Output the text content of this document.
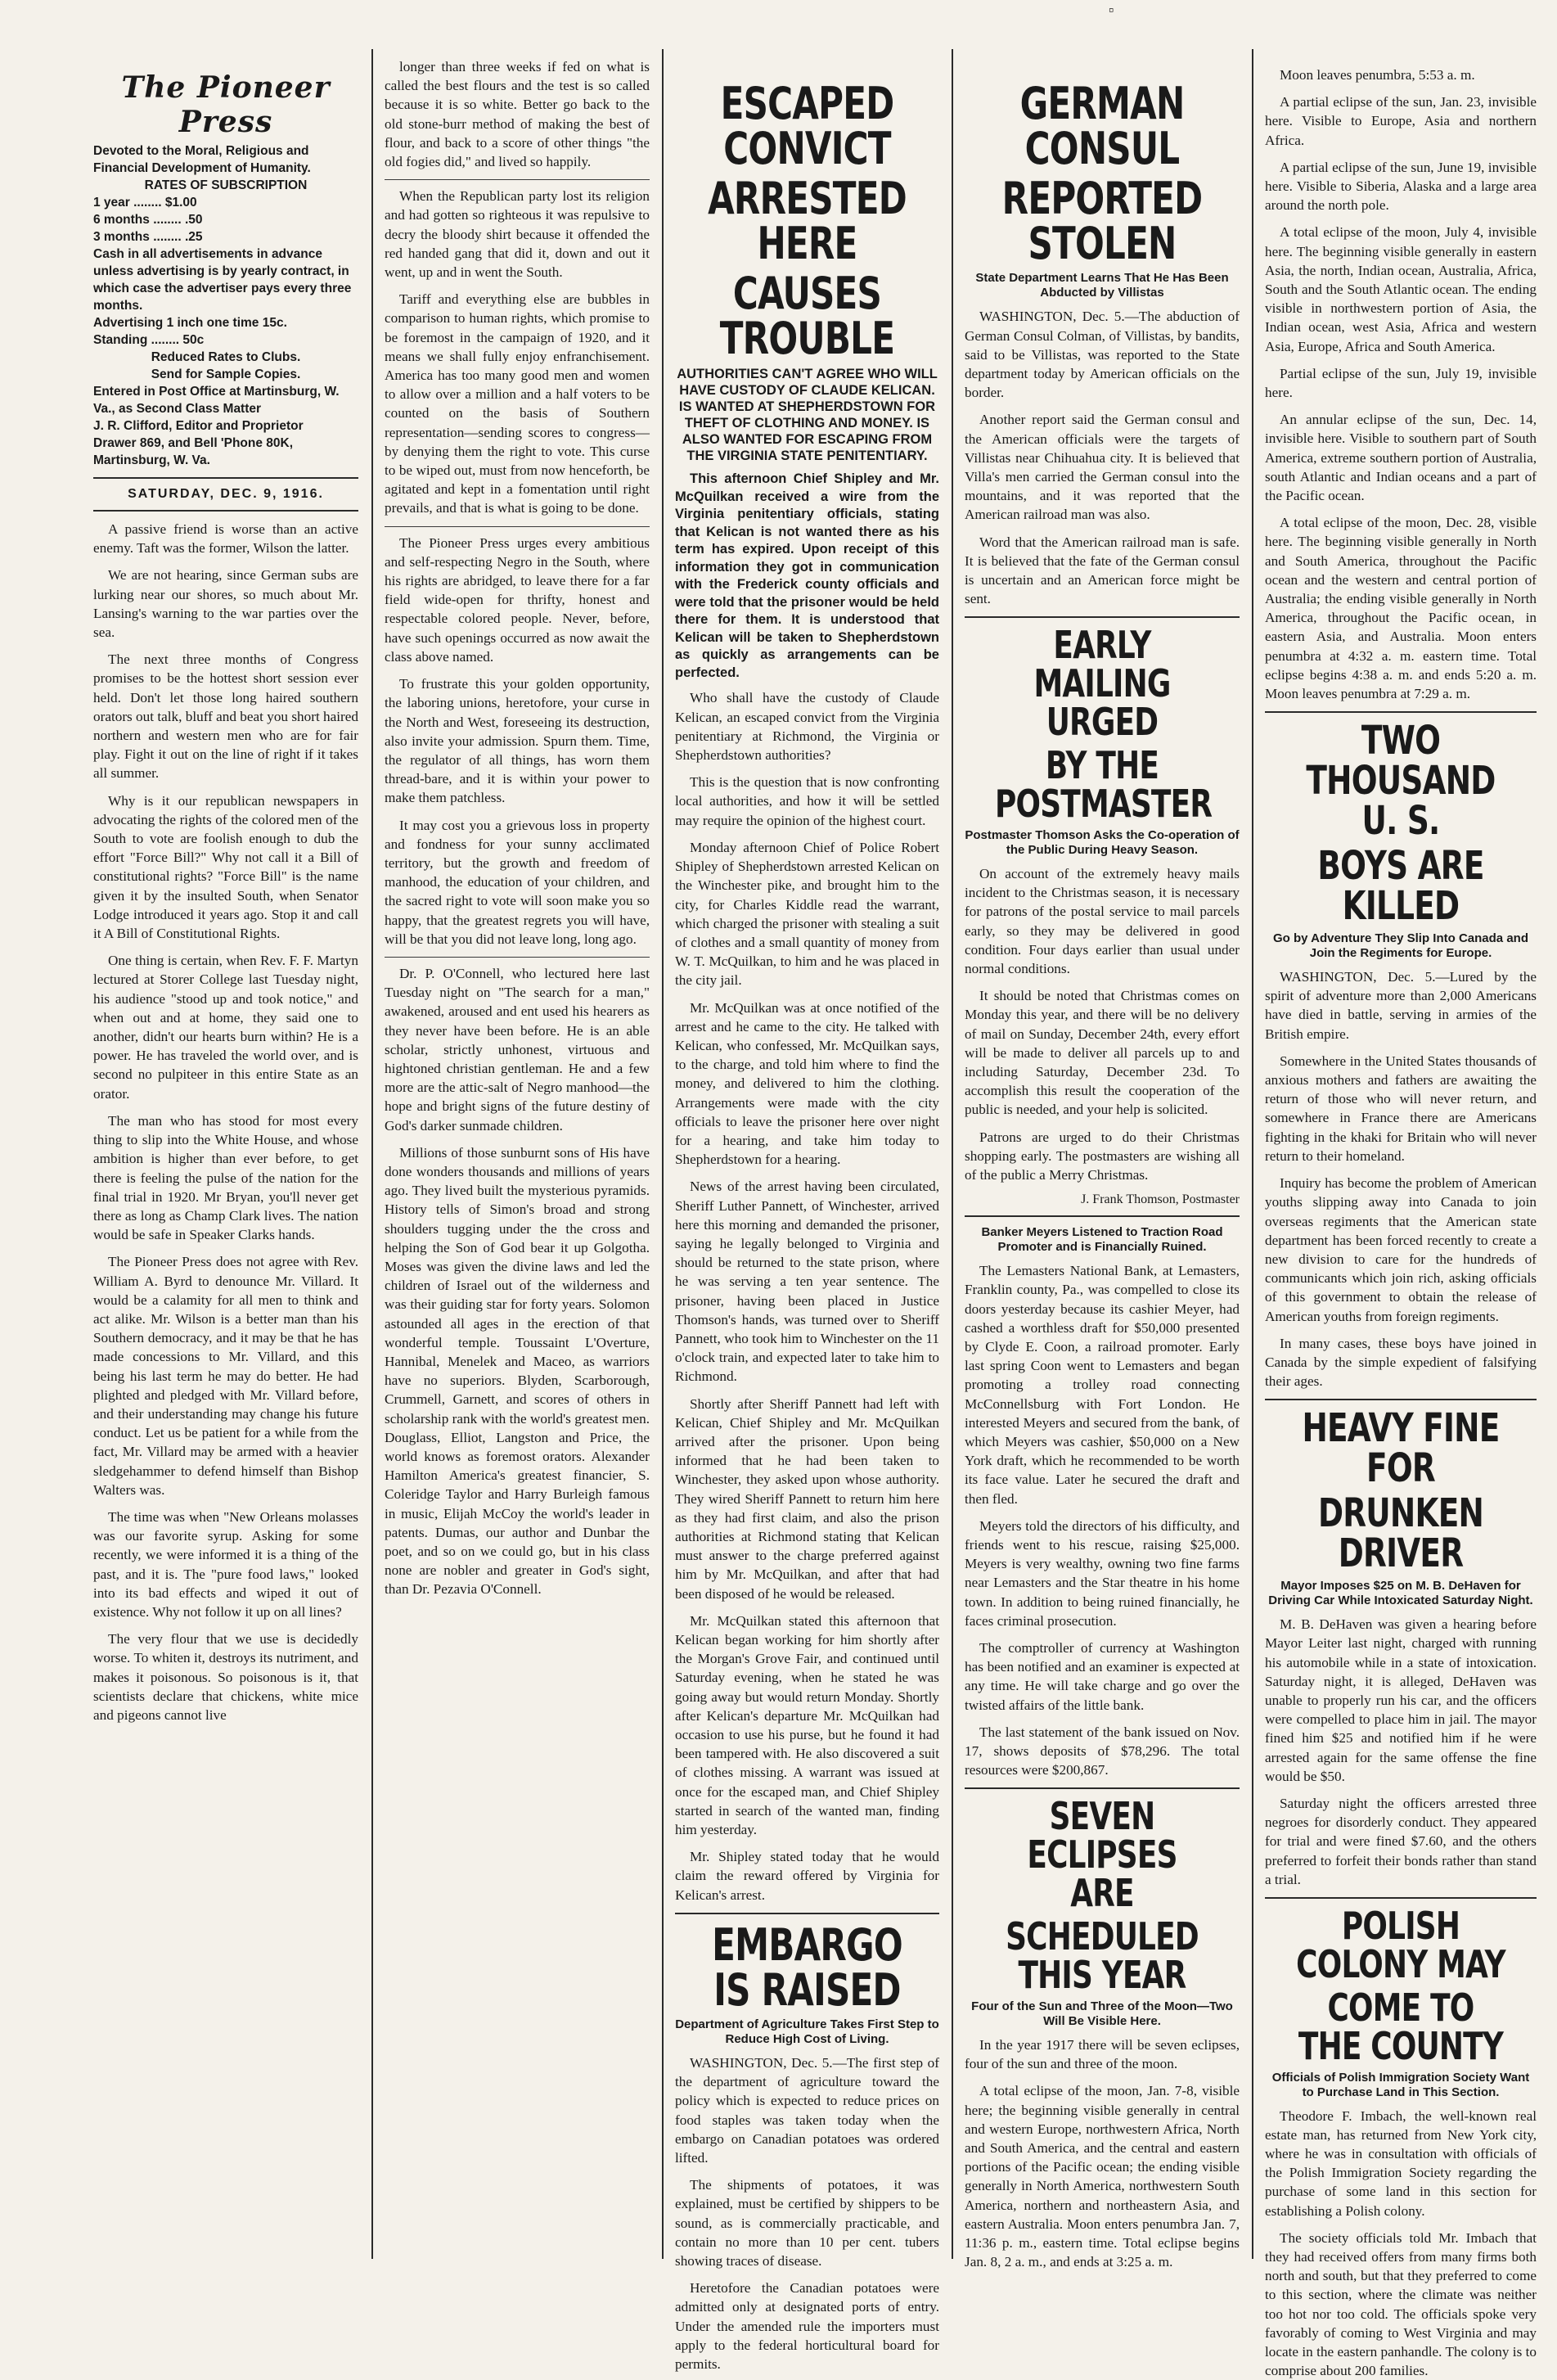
▫
The Pioneer Press
Devoted to the Moral, Religious and Financial Development of Humanity.
RATES OF SUBSCRIPTION
1 year ........ $1.00
6 months ........ .50
3 months ........ .25
Cash in all advertisements in advance unless advertising is by yearly contract, in which case the advertiser pays every three months.
Advertising 1 inch one time 15c.
Standing ........ 50c
Reduced Rates to Clubs.
Send for Sample Copies.
Entered in Post Office at Martinsburg, W. Va., as Second Class Matter
J. R. Clifford, Editor and Proprietor
Drawer 869, and Bell 'Phone 80K,
Martinsburg, W. Va.
SATURDAY, DEC. 9, 1916.

A passive friend is worse than an active enemy. Taft was the former, Wilson the latter.

We are not hearing, since German subs are lurking near our shores, so much about Mr. Lansing's warning to the war parties over the sea.

The next three months of Congress promises to be the hottest short session ever held. Don't let those long haired southern orators out talk, bluff and beat you short haired northern and western men who are for fair play. Fight it out on the line of right if it takes all summer.

Why is it our republican newspapers in advocating the rights of the colored men of the South to vote are foolish enough to dub the effort "Force Bill?" Why not call it a Bill of constitutional rights? "Force Bill" is the name given it by the insulted South, when Senator Lodge introduced it years ago. Stop it and call it A Bill of Constitutional Rights.

One thing is certain, when Rev. F. F. Martyn lectured at Storer College last Tuesday night, his audience "stood up and took notice," and when out and at home, they said one to another, didn't our hearts burn within? He is a power. He has traveled the world over, and is second no pulpiteer in this entire State as an orator.

The man who has stood for most every thing to slip into the White House, and whose ambition is higher than ever before, to get there is feeling the pulse of the nation for the final trial in 1920. Mr Bryan, you'll never get there as long as Champ Clark lives. The nation would be safe in Speaker Clarks hands.

The Pioneer Press does not agree with Rev. William A. Byrd to denounce Mr. Villard. It would be a calamity for all men to think and act alike. Mr. Wilson is a better man than his Southern democracy, and it may be that he has made concessions to Mr. Villard, and this being his last term he may do better. He had plighted and pledged with Mr. Villard before, and their understanding may change his future conduct. Let us be patient for a while from the fact, Mr. Villard may be armed with a heavier sledgehammer to defend himself than Bishop Walters was.

The time was when "New Orleans molasses was our favorite syrup. Asking for some recently, we were informed it is a thing of the past, and it is. The "pure food laws," looked into its bad effects and wiped it out of existence. Why not follow it up on all lines?

The very flour that we use is decidedly worse. To whiten it, destroys its nutriment, and makes it poisonous. So poisonous is it, that scientists declare that chickens, white mice and pigeons cannot live

longer than three weeks if fed on what is called the best flours and the test is so called because it is so white. Better go back to the old stone-burr method of making the best of flour, and back to a score of other things "the old fogies did," and lived so happily.

When the Republican party lost its religion and had gotten so righteous it was repulsive to decry the bloody shirt because it offended the red handed gang that did it, down and out it went, up and in went the South.

Tariff and everything else are bubbles in comparison to human rights, which promise to be foremost in the campaign of 1920, and it means we shall fully enjoy enfranchisement. America has too many good men and women to allow over a million and a half voters to be counted on the basis of Southern representation—sending scores to congress—by denying them the right to vote. This curse to be wiped out, must from now henceforth, be agitated and kept in a fomentation until right prevails, and that is what is going to be done.

The Pioneer Press urges every ambitious and self-respecting Negro in the South, where his rights are abridged, to leave there for a far field wide-open for thrifty, honest and respectable colored people. Never, before, have such openings occurred as now await the class above named.

To frustrate this your golden opportunity, the laboring unions, heretofore, your curse in the North and West, foreseeing its destruction, also invite your admission. Spurn them. Time, the regulator of all things, has worn them thread-bare, and it is within your power to make them patchless.

It may cost you a grievous loss in property and fondness for your sunny acclimated territory, but the growth and freedom of manhood, the education of your children, and the sacred right to vote will soon make you so happy, that the greatest regrets you will have, will be that you did not leave long, long ago.

Dr. P. O'Connell, who lectured here last Tuesday night on "The search for a man," awakened, aroused and ent used his hearers as they never have been before. He is an able scholar, strictly unhonest, virtuous and hightoned christian gentleman. He and a few more are the attic-salt of Negro manhood—the hope and bright signs of the future destiny of God's darker sunmade children.

Millions of those sunburnt sons of His have done wonders thousands and millions of years ago. They lived built the mysterious pyramids. History tells of Simon's broad and strong shoulders tugging under the the cross and helping the Son of God bear it up Golgotha. Moses was given the divine laws and led the children of Israel out of the wilderness and was their guiding star for forty years. Solomon astounded all ages in the erection of that wonderful temple. Toussaint L'Overture, Hannibal, Menelek and Maceo, as warriors have no superiors. Blyden, Scarborough, Crummell, Garnett, and scores of others in scholarship rank with the world's greatest men. Douglass, Elliot, Langston and Price, the world knows as foremost orators. Alexander Hamilton America's greatest financier, S. Coleridge Taylor and Harry Burleigh famous in music, Elijah McCoy the world's leader in patents. Dumas, our author and Dunbar the poet, and so on we could go, but in his class none are nobler and greater in God's sight, than Dr. Pezavia O'Connell.

ESCAPED CONVICT
ARRESTED HERE
CAUSES TROUBLE
AUTHORITIES CAN'T AGREE WHO WILL HAVE CUSTODY OF CLAUDE KELICAN. IS WANTED AT SHEPHERDSTOWN FOR THEFT OF CLOTHING AND MONEY. IS ALSO WANTED FOR ESCAPING FROM THE VIRGINIA STATE PENITENTIARY.
This afternoon Chief Shipley and Mr. McQuilkan received a wire from the Virginia penitentiary officials, stating that Kelican is not wanted there as his term has expired. Upon receipt of this information they got in communication with the Frederick county officials and were told that the prisoner would be held there for them. It is understood that Kelican will be taken to Shepherdstown as quickly as arrangements can be perfected.

Who shall have the custody of Claude Kelican, an escaped convict from the Virginia penitentiary at Richmond, the Virginia or Shepherdstown authorities?

This is the question that is now confronting local authorities, and how it will be settled may require the opinion of the highest court.

Monday afternoon Chief of Police Robert Shipley of Shepherdstown arrested Kelican on the Winchester pike, and brought him to the city, for Charles Kiddle read the warrant, which charged the prisoner with stealing a suit of clothes and a small quantity of money from W. T. McQuilkan, to him and he was placed in the city jail.

Mr. McQuilkan was at once notified of the arrest and he came to the city. He talked with Kelican, who confessed, Mr. McQuilkan says, to the charge, and told him where to find the money, and delivered to him the clothing. Arrangements were made with the city officials to leave the prisoner here over night for a hearing, and take him today to Shepherdstown for a hearing.

News of the arrest having been circulated, Sheriff Luther Pannett, of Winchester, arrived here this morning and demanded the prisoner, saying he legally belonged to Virginia and should be returned to the state prison, where he was serving a ten year sentence. The prisoner, having been placed in Justice Thomson's hands, was turned over to Sheriff Pannett, who took him to Winchester on the 11 o'clock train, and expected later to take him to Richmond.

Shortly after Sheriff Pannett had left with Kelican, Chief Shipley and Mr. McQuilkan arrived after the prisoner. Upon being informed that he had been taken to Winchester, they asked upon whose authority. They wired Sheriff Pannett to return him here as they had first claim, and also the prison authorities at Richmond stating that Kelican must answer to the charge preferred against him by Mr. McQuilkan, and after that had been disposed of he would be released.

Mr. McQuilkan stated this afternoon that Kelican began working for him shortly after the Morgan's Grove Fair, and continued until Saturday evening, when he stated he was going away but would return Monday. Shortly after Kelican's departure Mr. McQuilkan had occasion to use his purse, but he found it had been tampered with. He also discovered a suit of clothes missing. A warrant was issued at once for the escaped man, and Chief Shipley started in search of the wanted man, finding him yesterday.

Mr. Shipley stated today that he would claim the reward offered by Virginia for Kelican's arrest.

EMBARGO IS RAISED
Department of Agriculture Takes First Step to Reduce High Cost of Living.

WASHINGTON, Dec. 5.—The first step of the department of agriculture toward the policy which is expected to reduce prices on food staples was taken today when the embargo on Canadian potatoes was ordered lifted.

The shipments of potatoes, it was explained, must be certified by shippers to be sound, as is commercially practicable, and contain no more than 10 per cent. tubers showing traces of disease.

Heretofore the Canadian potatoes were admitted only at designated ports of entry. Under the amended rule the importers must apply to the federal horticultural board for permits.

GERMAN CONSUL
REPORTED STOLEN
State Department Learns That He Has Been Abducted by Villistas

WASHINGTON, Dec. 5.—The abduction of German Consul Colman, of Villistas, by bandits, said to be Villistas, was reported to the State department today by American officials on the border.

Another report said the German consul and the American officials were the targets of Villistas near Chihuahua city. It is believed that Villa's men carried the German consul into the mountains, and it was reported that the American railroad man was also.

Word that the American railroad man is safe. It is believed that the fate of the German consul is uncertain and an American force might be sent.

EARLY MAILING URGED
BY THE POSTMASTER
Postmaster Thomson Asks the Co-operation of the Public During Heavy Season.

On account of the extremely heavy mails incident to the Christmas season, it is necessary for patrons of the postal service to mail parcels early, so they may be delivered in good condition. Four days earlier than usual under normal conditions.

It should be noted that Christmas comes on Monday this year, and there will be no delivery of mail on Sunday, December 24th, every effort will be made to deliver all parcels up to and including Saturday, December 23d. To accomplish this result the cooperation of the public is needed, and your help is solicited.

Patrons are urged to do their Christmas shopping early. The postmasters are wishing all of the public a Merry Christmas.

J. Frank Thomson, Postmaster
Banker Meyers Listened to Traction Road Promoter and is Financially Ruined.

The Lemasters National Bank, at Lemasters, Franklin county, Pa., was compelled to close its doors yesterday because its cashier Meyer, had cashed a worthless draft for $50,000 presented by Clyde E. Coon, a railroad promoter. Early last spring Coon went to Lemasters and began promoting a trolley road connecting McConnellsburg with Fort London. He interested Meyers and secured from the bank, of which Meyers was cashier, $50,000 on a New York draft, which he recommended to be worth its face value. Later he secured the draft and then fled.

Meyers told the directors of his difficulty, and friends went to his rescue, raising $25,000. Meyers is very wealthy, owning two fine farms near Lemasters and the Star theatre in his home town. In addition to being ruined financially, he faces criminal prosecution.

The comptroller of currency at Washington has been notified and an examiner is expected at any time. He will take charge and go over the twisted affairs of the little bank.

The last statement of the bank issued on Nov. 17, shows deposits of $78,296. The total resources were $200,867.

SEVEN ECLIPSES ARE
SCHEDULED THIS YEAR
Four of the Sun and Three of the Moon—Two Will Be Visible Here.

In the year 1917 there will be seven eclipses, four of the sun and three of the moon.

A total eclipse of the moon, Jan. 7-8, visible here; the beginning visible generally in central and western Europe, northwestern Africa, North and South America, and the central and eastern portions of the Pacific ocean; the ending visible generally in North America, northwestern South America, northern and northeastern Asia, and eastern Australia. Moon enters penumbra Jan. 7, 11:36 p. m., eastern time. Total eclipse begins Jan. 8, 2 a. m., and ends at 3:25 a. m.

Moon leaves penumbra, 5:53 a. m.

A partial eclipse of the sun, Jan. 23, invisible here. Visible to Europe, Asia and northern Africa.

A partial eclipse of the sun, June 19, invisible here. Visible to Siberia, Alaska and a large area around the north pole.

A total eclipse of the moon, July 4, invisible here. The beginning visible generally in eastern Asia, the north, Indian ocean, Australia, Africa, South and the South Atlantic ocean. The ending visible in northwestern portion of Asia, the Indian ocean, west Asia, Africa and western Asia, Europe, Africa and South America.

Partial eclipse of the sun, July 19, invisible here.

An annular eclipse of the sun, Dec. 14, invisible here. Visible to southern part of South America, extreme southern portion of Australia, south Atlantic and Indian oceans and a part of the Pacific ocean.

A total eclipse of the moon, Dec. 28, visible here. The beginning visible generally in North and South America, throughout the Pacific ocean and the western and central portion of Australia; the ending visible generally in North America, throughout the Pacific ocean, in eastern Asia, and Australia. Moon enters penumbra at 4:32 a. m. eastern time. Total eclipse begins 4:38 a. m. and ends 5:20 a. m. Moon leaves penumbra at 7:29 a. m.

TWO THOUSAND U. S.
BOYS ARE KILLED
Go by Adventure They Slip Into Canada and Join the Regiments for Europe.

WASHINGTON, Dec. 5.—Lured by the spirit of adventure more than 2,000 Americans have died in battle, serving in armies of the British empire.

Somewhere in the United States thousands of anxious mothers and fathers are awaiting the return of those who will never return, and somewhere in France there are Americans fighting in the khaki for Britain who will never return to their homeland.

Inquiry has become the problem of American youths slipping away into Canada to join overseas regiments that the American state department has been forced recently to create a new division to care for the hundreds of communicants which join rich, asking officials of this government to obtain the release of American youths from foreign regiments.

In many cases, these boys have joined in Canada by the simple expedient of falsifying their ages.

HEAVY FINE FOR
DRUNKEN DRIVER
Mayor Imposes $25 on M. B. DeHaven for Driving Car While Intoxicated Saturday Night.

M. B. DeHaven was given a hearing before Mayor Leiter last night, charged with running his automobile while in a state of intoxication. Saturday night, it is alleged, DeHaven was unable to properly run his car, and the officers were compelled to place him in jail. The mayor fined him $25 and notified him if he were arrested again for the same offense the fine would be $50.

Saturday night the officers arrested three negroes for disorderly conduct. They appeared for trial and were fined $7.60, and the others preferred to forfeit their bonds rather than stand a trial.

POLISH COLONY MAY
COME TO THE COUNTY
Officials of Polish Immigration Society Want to Purchase Land in This Section.

Theodore F. Imbach, the well-known real estate man, has returned from New York city, where he was in consultation with officials of the Polish Immigration Society regarding the purchase of some land in this section for establishing a Polish colony.

The society officials told Mr. Imbach that they had received offers from many firms both north and south, but that they preferred to come to this section, where the climate was neither too hot nor too cold. The officials spoke very favorably of coming to West Virginia and may locate in the eastern panhandle. The colony is to comprise about 200 families.
